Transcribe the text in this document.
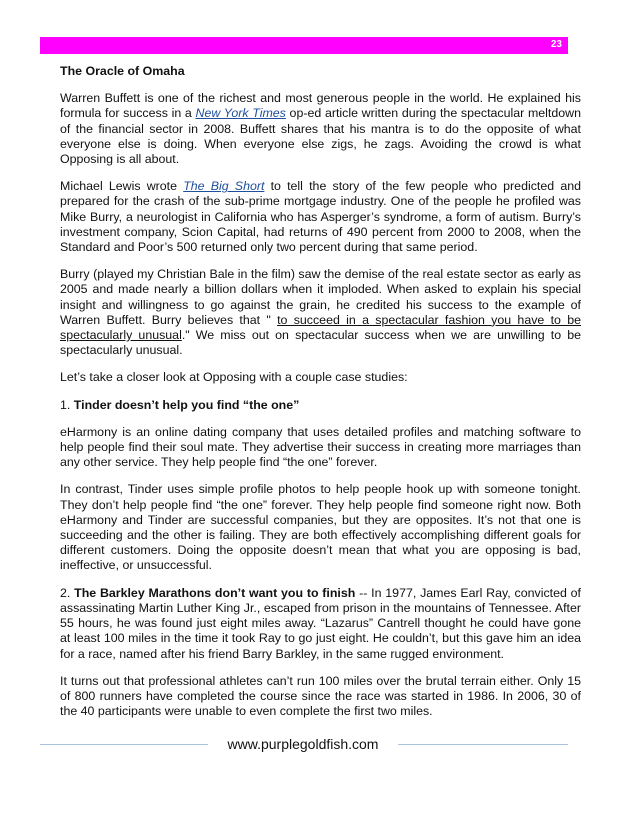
23

The Oracle of Omaha

Warren Buffett is one of the richest and most generous people in the world. He explained his formula for success in a New York Times op-ed article written during the spectacular meltdown of the financial sector in 2008. Buffett shares that his mantra is to do the opposite of what everyone else is doing. When everyone else zigs, he zags. Avoiding the crowd is what Opposing is all about.

Michael Lewis wrote The Big Short to tell the story of the few people who predicted and prepared for the crash of the sub-prime mortgage industry. One of the people he profiled was Mike Burry, a neurologist in California who has Asperger’s syndrome, a form of autism. Burry’s investment company, Scion Capital, had returns of 490 percent from 2000 to 2008, when the Standard and Poor’s 500 returned only two percent during that same period.

Burry (played my Christian Bale in the film) saw the demise of the real estate sector as early as 2005 and made nearly a billion dollars when it imploded. When asked to explain his special insight and willingness to go against the grain, he credited his success to the example of Warren Buffett. Burry believes that " to succeed in a spectacular fashion you have to be spectacularly unusual." We miss out on spectacular success when we are unwilling to be spectacularly unusual.

Let’s take a closer look at Opposing with a couple case studies:

1. Tinder doesn’t help you find “the one”

eHarmony is an online dating company that uses detailed profiles and matching software to help people find their soul mate. They advertise their success in creating more marriages than any other service. They help people find “the one” forever.

In contrast, Tinder uses simple profile photos to help people hook up with someone tonight. They don’t help people find “the one” forever. They help people find someone right now. Both eHarmony and Tinder are successful companies, but they are opposites. It’s not that one is succeeding and the other is failing. They are both effectively accomplishing different goals for different customers. Doing the opposite doesn’t mean that what you are opposing is bad, ineffective, or unsuccessful.

2. The Barkley Marathons don’t want you to finish -- In 1977, James Earl Ray, convicted of assassinating Martin Luther King Jr., escaped from prison in the mountains of Tennessee. After 55 hours, he was found just eight miles away. “Lazarus” Cantrell thought he could have gone at least 100 miles in the time it took Ray to go just eight. He couldn’t, but this gave him an idea for a race, named after his friend Barry Barkley, in the same rugged environment.

It turns out that professional athletes can’t run 100 miles over the brutal terrain either. Only 15 of 800 runners have completed the course since the race was started in 1986. In 2006, 30 of the 40 participants were unable to even complete the first two miles.

www.purplegoldfish.com
